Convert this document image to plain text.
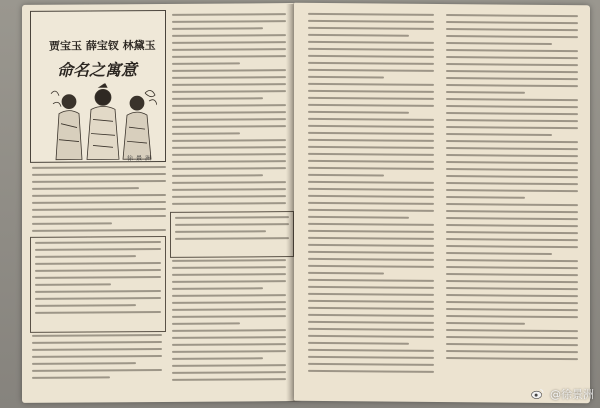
贾宝玉 薛宝钗 林黛玉
命名之寓意
徐景洲
@徐景洲
